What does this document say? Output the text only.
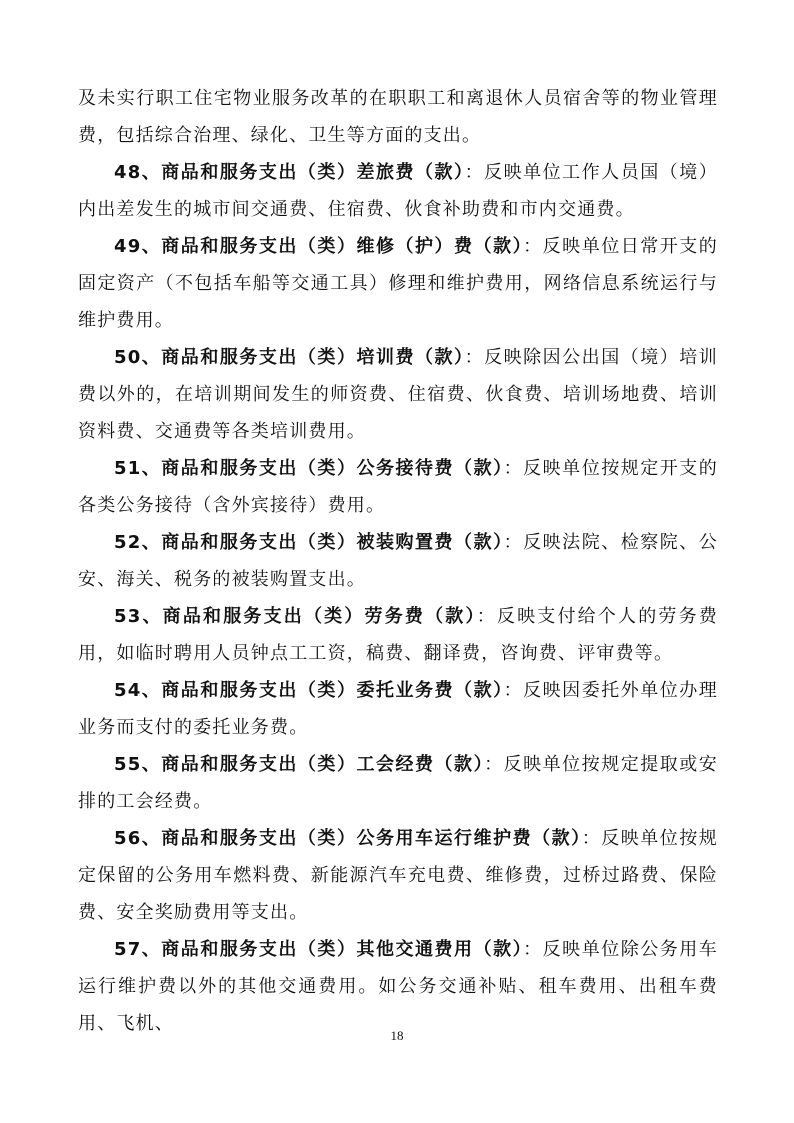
及未实行职工住宅物业服务改革的在职职工和离退休人员宿舍等的物业管理费，包括综合治理、绿化、卫生等方面的支出。

48、商品和服务支出（类）差旅费（款）：反映单位工作人员国（境）内出差发生的城市间交通费、住宿费、伙食补助费和市内交通费。

49、商品和服务支出（类）维修（护）费（款）：反映单位日常开支的固定资产（不包括车船等交通工具）修理和维护费用，网络信息系统运行与维护费用。

50、商品和服务支出（类）培训费（款）：反映除因公出国（境）培训费以外的，在培训期间发生的师资费、住宿费、伙食费、培训场地费、培训资料费、交通费等各类培训费用。

51、商品和服务支出（类）公务接待费（款）：反映单位按规定开支的各类公务接待（含外宾接待）费用。

52、商品和服务支出（类）被装购置费（款）：反映法院、检察院、公安、海关、税务的被装购置支出。

53、商品和服务支出（类）劳务费（款）：反映支付给个人的劳务费用，如临时聘用人员钟点工工资，稿费、翻译费，咨询费、评审费等。

54、商品和服务支出（类）委托业务费（款）：反映因委托外单位办理业务而支付的委托业务费。

55、商品和服务支出（类）工会经费（款）：反映单位按规定提取或安排的工会经费。

56、商品和服务支出（类）公务用车运行维护费（款）：反映单位按规定保留的公务用车燃料费、新能源汽车充电费、维修费，过桥过路费、保险费、安全奖励费用等支出。

57、商品和服务支出（类）其他交通费用（款）：反映单位除公务用车运行维护费以外的其他交通费用。如公务交通补贴、租车费用、出租车费用、飞机、

18
